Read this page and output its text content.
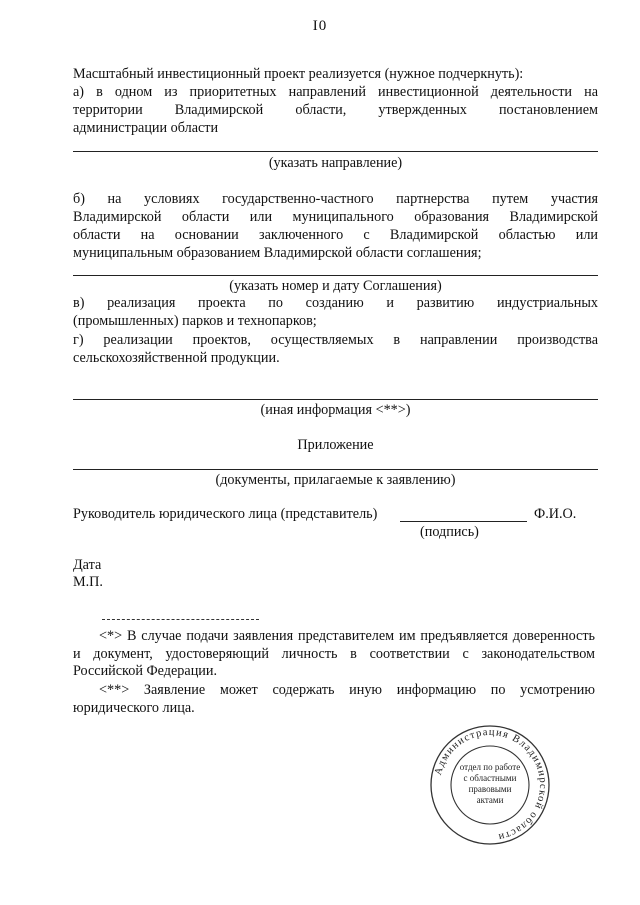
I0
Масштабный инвестиционный проект реализуется (нужное подчеркнуть):
а) в одном из приоритетных направлений инвестиционной деятельности на
территории Владимирской области, утвержденных постановлением
администрации области
(указать направление)
б) на условиях государственно-частного партнерства путем участия
Владимирской области или муниципального образования Владимирской
области на основании заключенного с Владимирской областью или
муниципальным образованием Владимирской области соглашения;
(указать номер и дату Соглашения)
в) реализация проекта по созданию и развитию индустриальных
(промышленных) парков и технопарков;
г) реализации проектов, осуществляемых в направлении производства
сельскохозяйственной продукции.
(иная информация <**>)
Приложение
(документы, прилагаемые к заявлению)
Руководитель юридического лица (представитель)	Ф.И.О.
(подпись)
Дата
М.П.
<*> В случае подачи заявления представителем им предъявляется доверенность и документ, удостоверяющий личность в соответствии с законодательством Российской Федерации.
<**> Заявление может содержать иную информацию по усмотрению юридического лица.
Администрация Владимирской области
отдел по работе
с областными
правовыми
актами
